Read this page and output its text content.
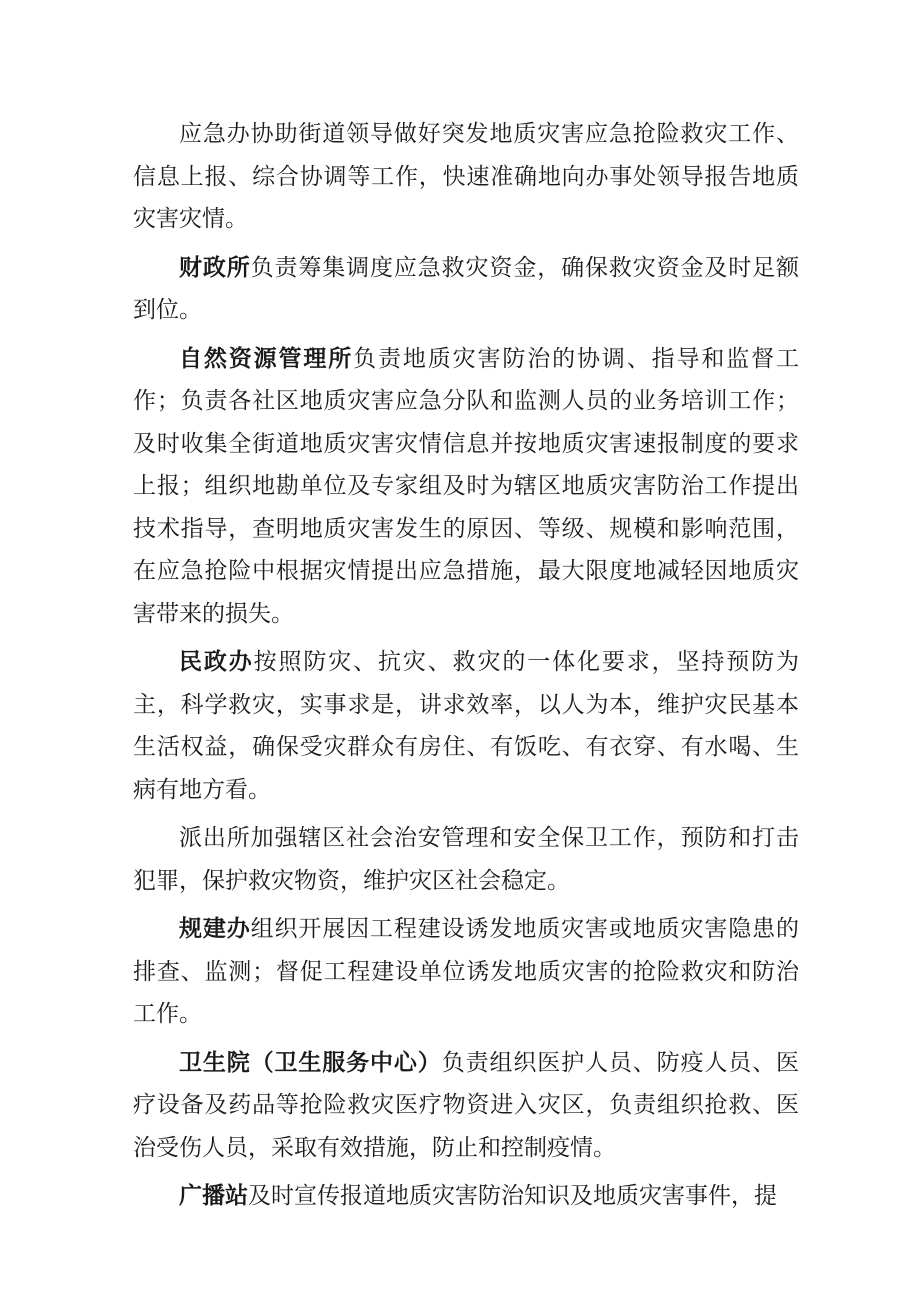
应急办协助街道领导做好突发地质灾害应急抢险救灾工作、信息上报、综合协调等工作，快速准确地向办事处领导报告地质灾害灾情。

财政所负责筹集调度应急救灾资金，确保救灾资金及时足额到位。

自然资源管理所负责地质灾害防治的协调、指导和监督工作；负责各社区地质灾害应急分队和监测人员的业务培训工作；及时收集全街道地质灾害灾情信息并按地质灾害速报制度的要求上报；组织地勘单位及专家组及时为辖区地质灾害防治工作提出技术指导，查明地质灾害发生的原因、等级、规模和影响范围，在应急抢险中根据灾情提出应急措施，最大限度地减轻因地质灾害带来的损失。

民政办按照防灾、抗灾、救灾的一体化要求，坚持预防为主，科学救灾，实事求是，讲求效率，以人为本，维护灾民基本生活权益，确保受灾群众有房住、有饭吃、有衣穿、有水喝、生病有地方看。

派出所加强辖区社会治安管理和安全保卫工作，预防和打击犯罪，保护救灾物资，维护灾区社会稳定。

规建办组织开展因工程建设诱发地质灾害或地质灾害隐患的排查、监测；督促工程建设单位诱发地质灾害的抢险救灾和防治工作。

卫生院（卫生服务中心）负责组织医护人员、防疫人员、医疗设备及药品等抢险救灾医疗物资进入灾区，负责组织抢救、医治受伤人员，采取有效措施，防止和控制疫情。

广播站及时宣传报道地质灾害防治知识及地质灾害事件，提
